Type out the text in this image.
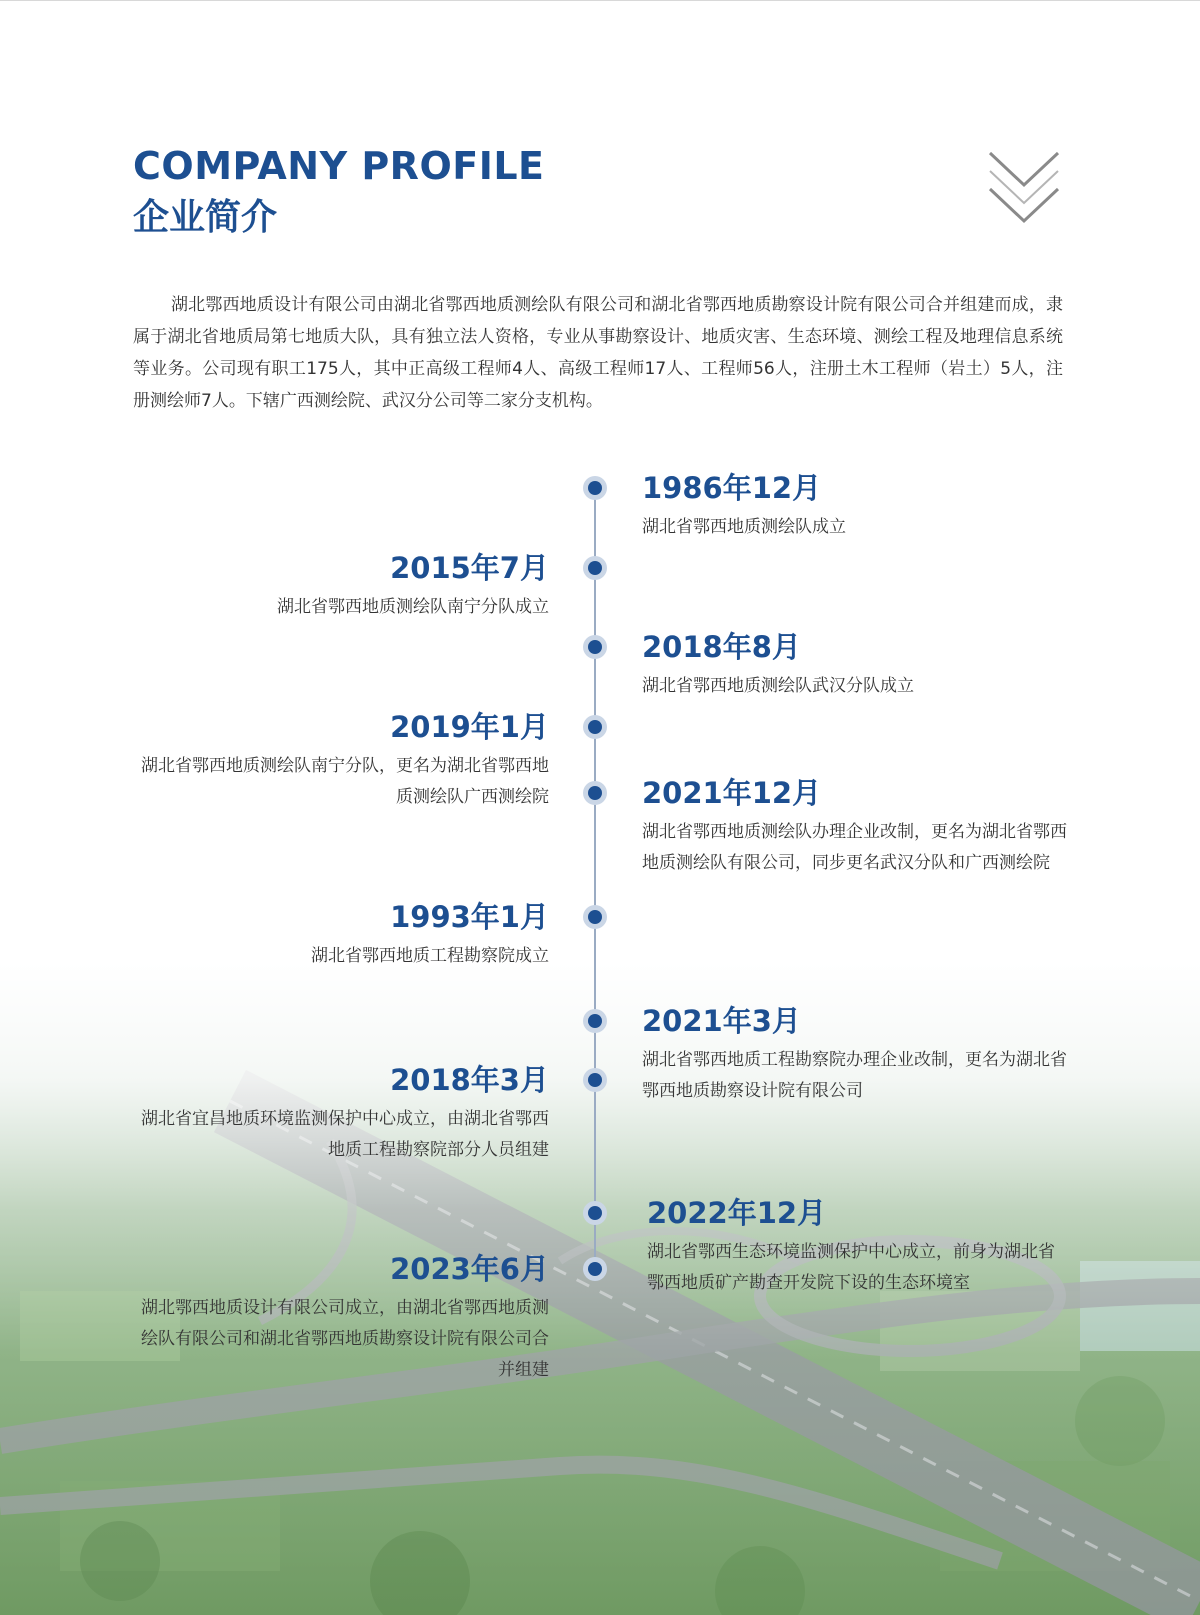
COMPANY PROFILE
企业简介

湖北鄂西地质设计有限公司由湖北省鄂西地质测绘队有限公司和湖北省鄂西地质勘察设计院有限公司合并组建而成，隶属于湖北省地质局第七地质大队，具有独立法人资格，专业从事勘察设计、地质灾害、生态环境、测绘工程及地理信息系统等业务。公司现有职工175人，其中正高级工程师4人、高级工程师17人、工程师56人，注册土木工程师（岩土）5人，注册测绘师7人。下辖广西测绘院、武汉分公司等二家分支机构。

1986年12月

湖北省鄂西地质测绘队成立

2015年7月

湖北省鄂西地质测绘队南宁分队成立

2018年8月

湖北省鄂西地质测绘队武汉分队成立

2019年1月

湖北省鄂西地质测绘队南宁分队，更名为湖北省鄂西地质测绘队广西测绘院	2021年12月

湖北省鄂西地质测绘队办理企业改制，更名为湖北省鄂西地质测绘队有限公司，同步更名武汉分队和广西测绘院

1993年1月

湖北省鄂西地质工程勘察院成立

2021年3月

湖北省鄂西地质工程勘察院办理企业改制，更名为湖北省鄂西地质勘察设计院有限公司

2018年3月

湖北省宜昌地质环境监测保护中心成立，由湖北省鄂西地质工程勘察院部分人员组建

2022年12月

湖北省鄂西生态环境监测保护中心成立，前身为湖北省鄂西地质矿产勘查开发院下设的生态环境室

2023年6月

湖北鄂西地质设计有限公司成立，由湖北省鄂西地质测绘队有限公司和湖北省鄂西地质勘察设计院有限公司合并组建
